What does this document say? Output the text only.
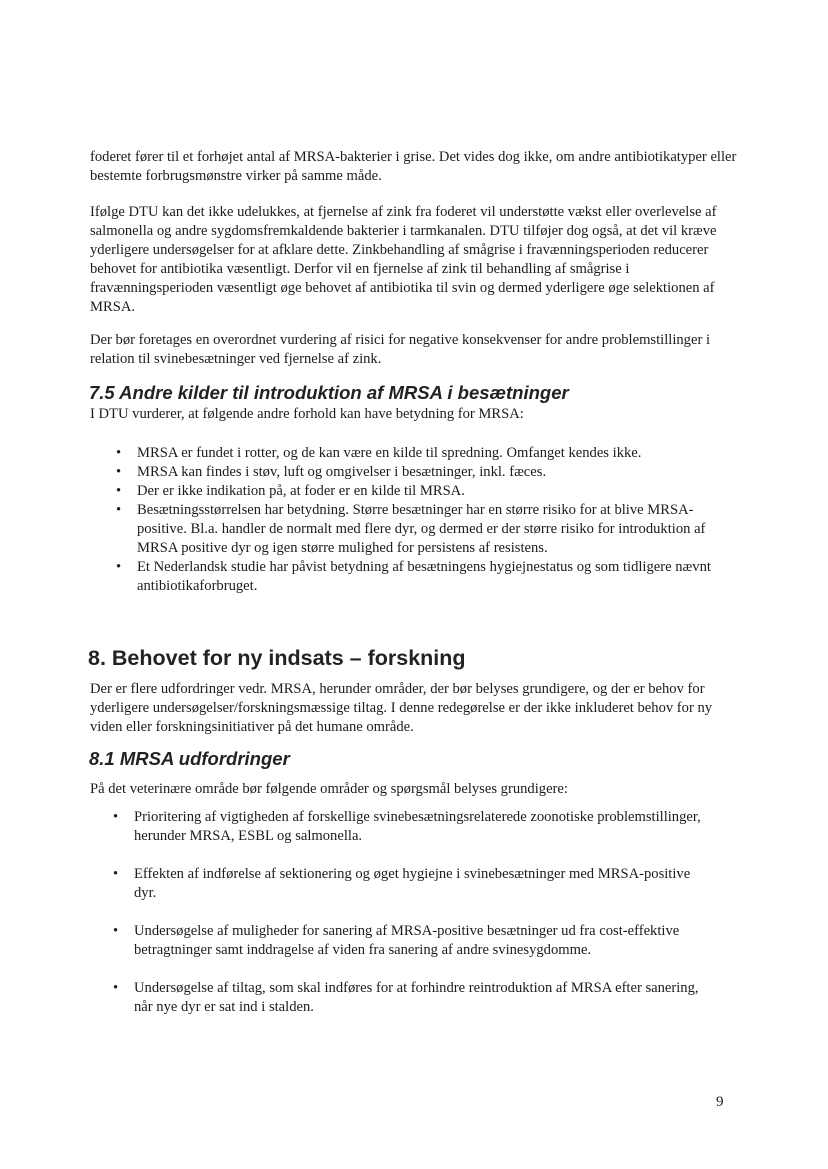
foderet fører til et forhøjet antal af MRSA-bakterier i grise. Det vides dog ikke, om andre antibiotikatyper eller bestemte forbrugsmønstre virker på samme måde.

Ifølge DTU kan det ikke udelukkes, at fjernelse af zink fra foderet vil understøtte vækst eller overlevelse af salmonella og andre sygdomsfremkaldende bakterier i tarmkanalen. DTU tilføjer dog også, at det vil kræve yderligere undersøgelser for at afklare dette. Zinkbehandling af smågrise i fravænningsperioden reducerer behovet for antibiotika væsentligt. Derfor vil en fjernelse af zink til behandling af smågrise i fravænningsperioden væsentligt øge behovet af antibiotika til svin og dermed yderligere øge selektionen af MRSA.

Der bør foretages en overordnet vurdering af risici for negative konsekvenser for andre problemstillinger i relation til svinebesætninger ved fjernelse af zink.

7.5 Andre kilder til introduktion af MRSA i besætninger

I DTU vurderer, at følgende andre forhold kan have betydning for MRSA:

• MRSA er fundet i rotter, og de kan være en kilde til spredning. Omfanget kendes ikke.
• MRSA kan findes i støv, luft og omgivelser i besætninger, inkl. fæces.
• Der er ikke indikation på, at foder er en kilde til MRSA.
• Besætningsstørrelsen har betydning. Større besætninger har en større risiko for at blive MRSA-positive. Bl.a. handler de normalt med flere dyr, og dermed er der større risiko for introduktion af MRSA positive dyr og igen større mulighed for persistens af resistens.
• Et Nederlandsk studie har påvist betydning af besætningens hygiejnestatus og som tidligere nævnt antibiotikaforbruget.
8. Behovet for ny indsats – forskning

Der er flere udfordringer vedr. MRSA, herunder områder, der bør belyses grundigere, og der er behov for yderligere undersøgelser/forskningsmæssige tiltag. I denne redegørelse er der ikke inkluderet behov for ny viden eller forskningsinitiativer på det humane område.

8.1 MRSA udfordringer

På det veterinære område bør følgende områder og spørgsmål belyses grundigere:

• Prioritering af vigtigheden af forskellige svinebesætningsrelaterede zoonotiske problemstillinger, herunder MRSA, ESBL og salmonella.
• Effekten af indførelse af sektionering og øget hygiejne i svinebesætninger med MRSA-positive dyr.
• Undersøgelse af muligheder for sanering af MRSA-positive besætninger ud fra cost-effektive betragtninger samt inddragelse af viden fra sanering af andre svinesygdomme.
• Undersøgelse af tiltag, som skal indføres for at forhindre reintroduktion af MRSA efter sanering, når nye dyr er sat ind i stalden.
9
